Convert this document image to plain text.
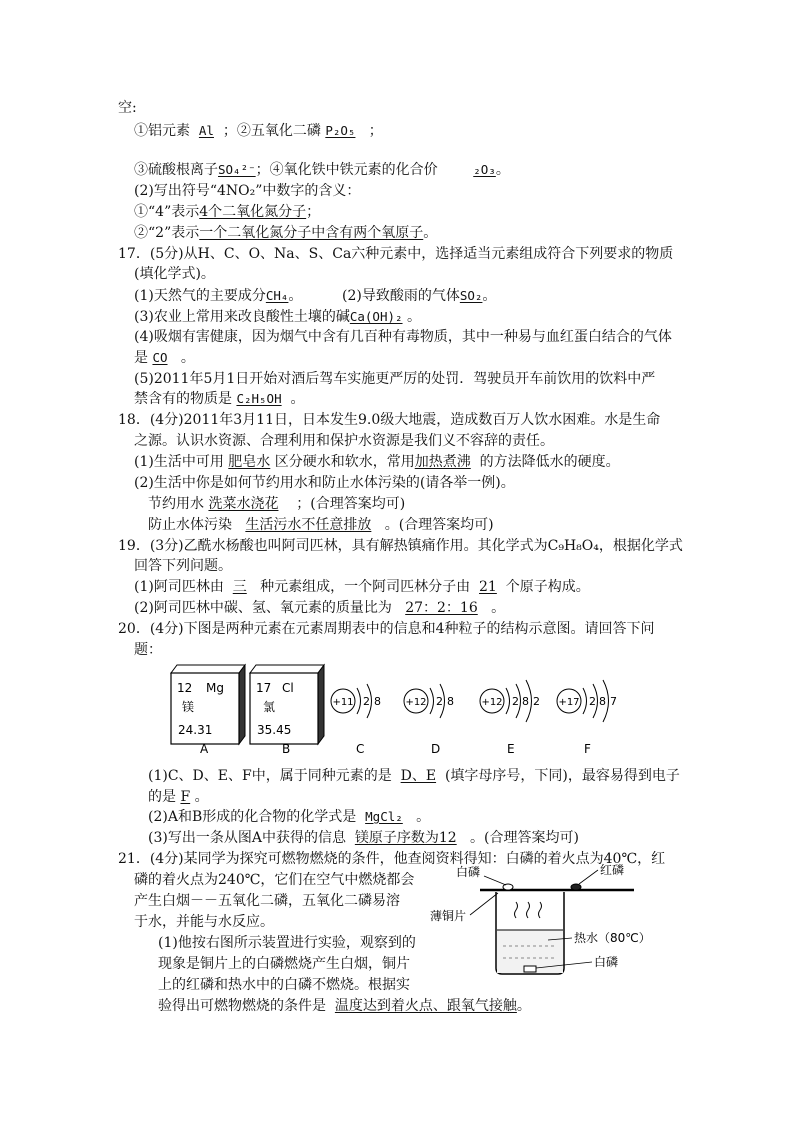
空:
①铝元素 Al ；②五氧化二磷 P₂O₅ ；
③硫酸根离子SO₄²⁻；④氧化铁中铁元素的化合价	₂O₃。
(2)写出符号“4NO₂”中数字的含义：
①“4”表示4个二氧化氮分子；
②“2”表示一个二氧化氮分子中含有两个氧原子。
17．(5分)从H、C、O、Na、S、Ca六种元素中，选择适当元素组成符合下列要求的物质
(填化学式)。
(1)天然气的主要成分CH₄。	(2)导致酸雨的气体SO₂。
(3)农业上常用来改良酸性土壤的碱Ca(OH)₂ 。
(4)吸烟有害健康，因为烟气中含有几百种有毒物质，其中一种易与血红蛋白结合的气体
是 CO 。
(5)2011年5月1日开始对酒后驾车实施更严厉的处罚．驾驶员开车前饮用的饮料中严
禁含有的物质是 C₂H₅OH 。
18．(4分)2011年3月11日，日本发生9.0级大地震，造成数百万人饮水困难。水是生命
之源。认识水资源、合理利用和保护水资源是我们义不容辞的责任。
(1)生活中可用 肥皂水 区分硬水和软水，常用加热煮沸 的方法降低水的硬度。
(2)生活中你是如何节约用水和防止水体污染的(请各举一例)。
节约用水 洗菜水浇花 ；(合理答案均可)
防止水体污染 生活污水不任意排放 。(合理答案均可)
19．(3分)乙酰水杨酸也叫阿司匹林，具有解热镇痛作用。其化学式为C₉H₈O₄，根据化学式
回答下列问题。
(1)阿司匹林由 三 种元素组成，一个阿司匹林分子由 21 个原子构成。
(2)阿司匹林中碳、氢、氧元素的质量比为 27：2：16 。
20．(4分)下图是两种元素在元素周期表中的信息和4种粒子的结构示意图。请回答下问
题：
12 Mg
镁
24.31
A
17 Cl
氯
35.45
B
+11 2 8
C
+12 2 8
D
+12 2 8 2
E
+17 2 8 7
F
(1)C、D、E、F中，属于同种元素的是 D、E (填字母序号，下同)，最容易得到电子
的是 F 。
(2)A和B形成的化合物的化学式是 MgCl₂ 。
(3)写出一条从图A中获得的信息 镁原子序数为12 。(合理答案均可)
21．(4分)某同学为探究可燃物燃烧的条件，他查阅资料得知：白磷的着火点为40℃，红
磷的着火点为240℃，它们在空气中燃烧都会
产生白烟－－五氧化二磷，五氧化二磷易溶
于水，并能与水反应。
(1)他按右图所示装置进行实验，观察到的
现象是铜片上的白磷燃烧产生白烟，铜片
上的红磷和热水中的白磷不燃烧。根据实
验得出可燃物燃烧的条件是 温度达到着火点、跟氧气接触。
白磷	红磷
薄铜片
热水（80℃）
白磷
